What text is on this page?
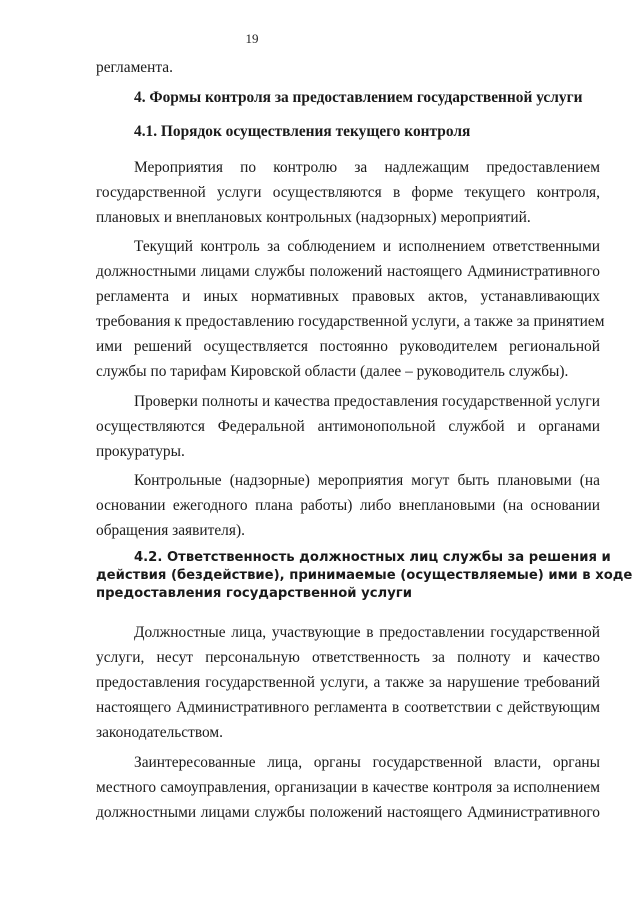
19
регламента.
4. Формы контроля за предоставлением государственной услуги
4.1. Порядок осуществления текущего контроля
Мероприятия по контролю за надлежащим предоставлением
государственной услуги осуществляются в форме текущего контроля,
плановых и внеплановых контрольных (надзорных) мероприятий.
Текущий контроль за соблюдением и исполнением ответственными
должностными лицами службы положений настоящего Административного
регламента и иных нормативных правовых актов, устанавливающих
требования к предоставлению государственной услуги, а также за принятием
ими решений осуществляется постоянно руководителем региональной
службы по тарифам Кировской области (далее – руководитель службы).
Проверки полноты и качества предоставления государственной услуги
осуществляются Федеральной антимонопольной службой и органами
прокуратуры.
Контрольные (надзорные) мероприятия могут быть плановыми (на
основании ежегодного плана работы) либо внеплановыми (на основании
обращения заявителя).
4.2. Ответственность должностных лиц службы за решения и
действия (бездействие), принимаемые (осуществляемые) ими в ходе
предоставления государственной услуги
Должностные лица, участвующие в предоставлении государственной
услуги, несут персональную ответственность за полноту и качество
предоставления государственной услуги, а также за нарушение требований
настоящего Административного регламента в соответствии с действующим
законодательством.
Заинтересованные лица, органы государственной власти, органы
местного самоуправления, организации в качестве контроля за исполнением
должностными лицами службы положений настоящего Административного
